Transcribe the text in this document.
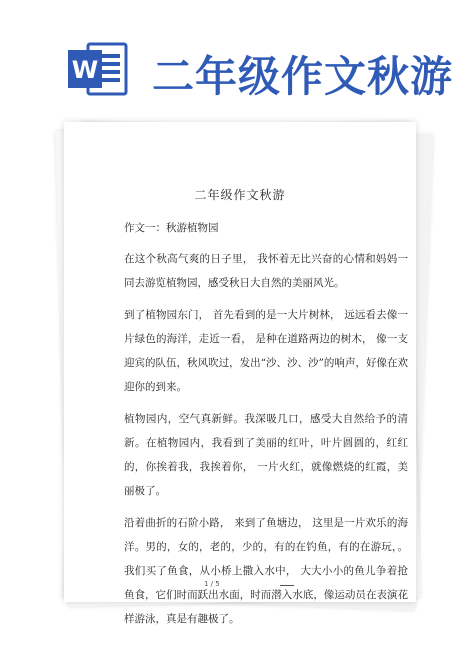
W 二年级作文秋游
二年级作文秋游

作文一：秋游植物园

在这个秋高气爽的日子里， 我怀着无比兴奋的心情和妈妈一同去游览植物园，感受秋日大自然的美丽风光。

到了植物园东门， 首先看到的是一大片树林， 远远看去像一片绿色的海洋，走近一看， 是种在道路两边的树木， 像一支迎宾的队伍，秋风吹过，发出“沙、沙、沙”的响声，好像在欢迎你的到来。

植物园内，空气真新鲜。我深吸几口，感受大自然给予的清新。在植物园内，我看到了美丽的红叶，叶片圆圆的，红红的，你挨着我，我挨着你， 一片火红，就像燃烧的红霞，美丽极了。

沿着曲折的石阶小路， 来到了鱼塘边， 这里是一片欢乐的海洋。男的，女的，老的，少的，有的在钓鱼，有的在游玩，。我们买了鱼食，从小桥上撒入水中， 大大小小的鱼儿争着抢鱼食，它们时而跃出水面，时而潜入水底，像运动员在表演花样游泳，真是有趣极了。

1 / 5
